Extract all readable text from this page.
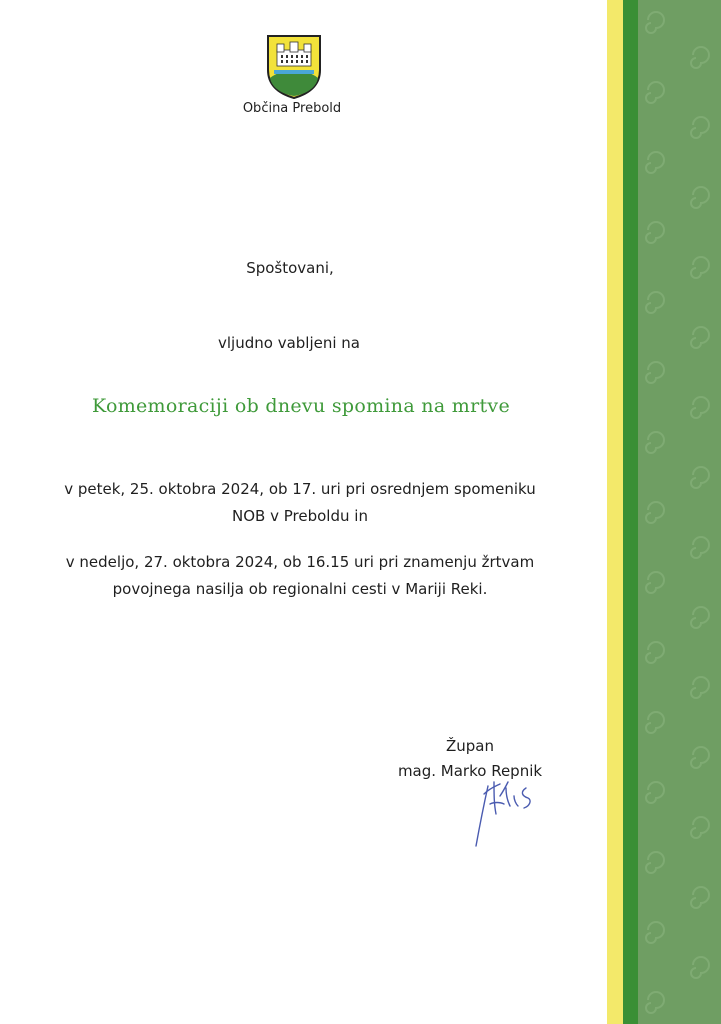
Občina Prebold
Spoštovani,
vljudno vabljeni na
Komemoraciji ob dnevu spomina na mrtve
v petek, 25. oktobra 2024, ob 17. uri pri osrednjem spomeniku
NOB v Preboldu in
v nedeljo, 27. oktobra 2024, ob 16.15 uri pri znamenju žrtvam
povojnega nasilja ob regionalni cesti v Mariji Reki.
Župan
mag. Marko Repnik
